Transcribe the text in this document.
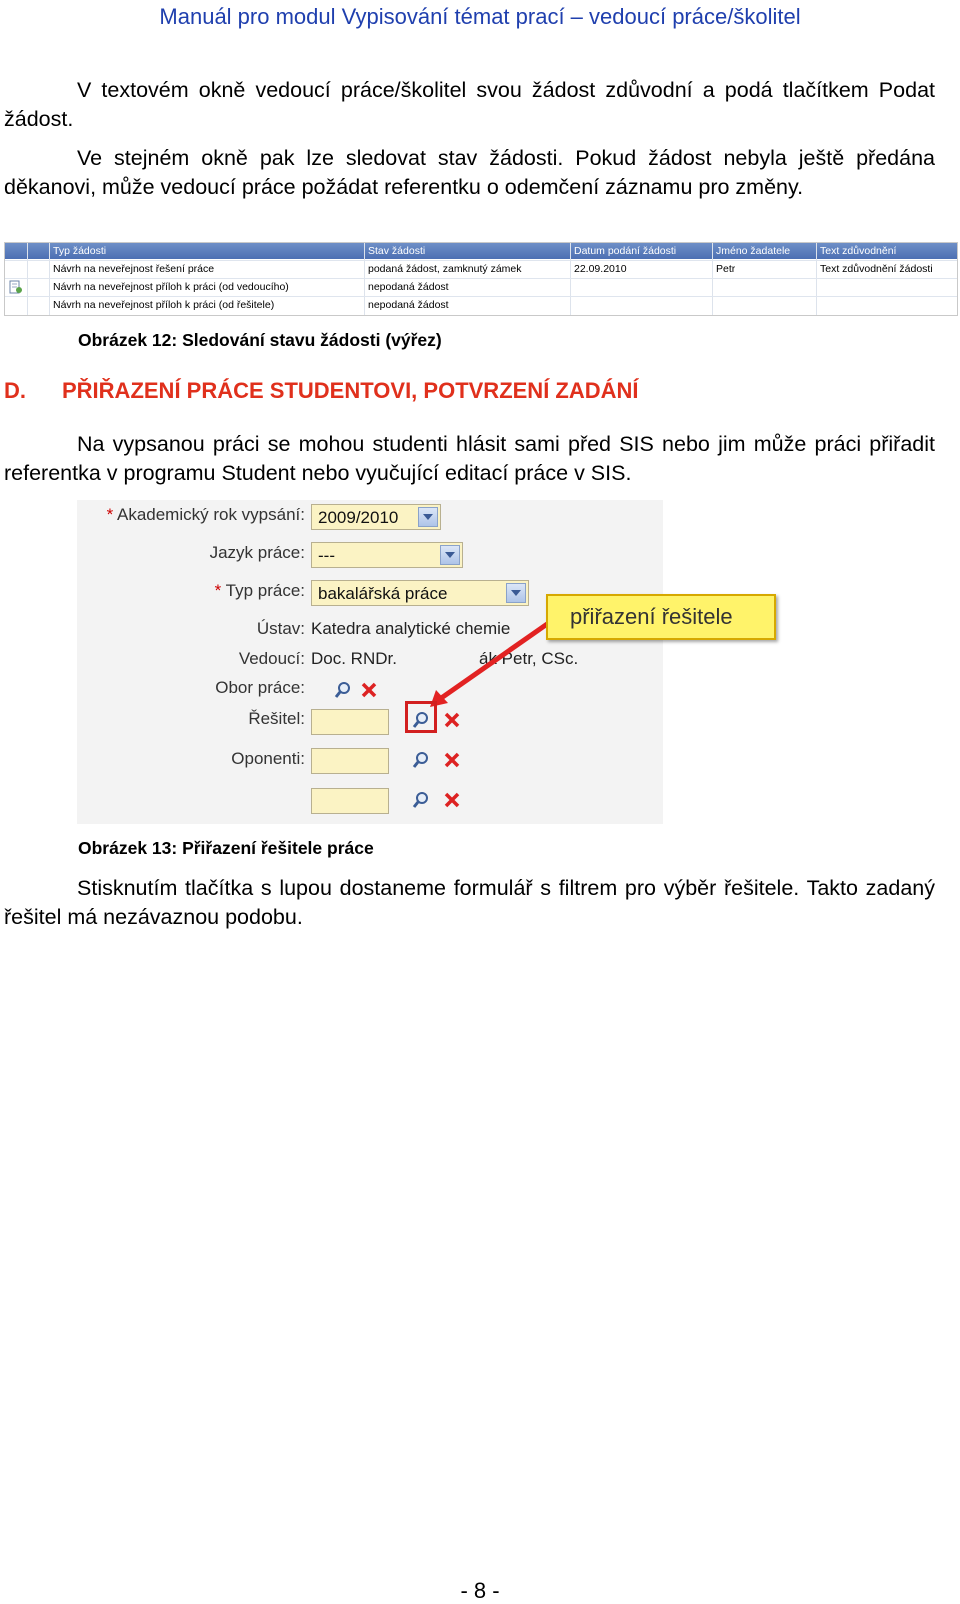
Manuál pro modul Vypisování témat prací – vedoucí práce/školitel
V textovém okně vedoucí práce/školitel svou žádost zdůvodní a podá tlačítkem Podat žádost.
Ve stejném okně pak lze sledovat stav žádosti. Pokud žádost nebyla ještě předána děkanovi, může vedoucí práce požádat referentku o odemčení záznamu pro změny.
Typ žádosti	Stav žádosti	Datum podání žádosti	Jméno žadatele	Text zdůvodnění
Návrh na neveřejnost řešení práce	podaná žádost, zamknutý zámek	22.09.2010	Petr	Text zdůvodnění žádosti
Návrh na neveřejnost příloh k práci (od vedoucího)	nepodaná žádost
Návrh na neveřejnost příloh k práci (od řešitele)	nepodaná žádost
Obrázek 12: Sledování stavu žádosti (výřez)
D. PŘIŘAZENÍ PRÁCE STUDENTOVI, POTVRZENÍ ZADÁNÍ
Na vypsanou práci se mohou studenti hlásit sami před SIS nebo jim může práci přiřadit referentka v programu Student nebo vyučující editací práce v SIS.
* Akademický rok vypsání: 2009/2010
Jazyk práce: ---
* Typ práce: bakalářská práce
Ústav: Katedra analytické chemie
Vedoucí: Doc. RNDr.	ák Petr, CSc.
Obor práce:
Řešitel:
Oponenti:
přiřazení řešitele
Obrázek 13: Přiřazení řešitele práce
Stisknutím tlačítka s lupou dostaneme formulář s filtrem pro výběr řešitele. Takto zadaný řešitel má nezávaznou podobu.
- 8 -
